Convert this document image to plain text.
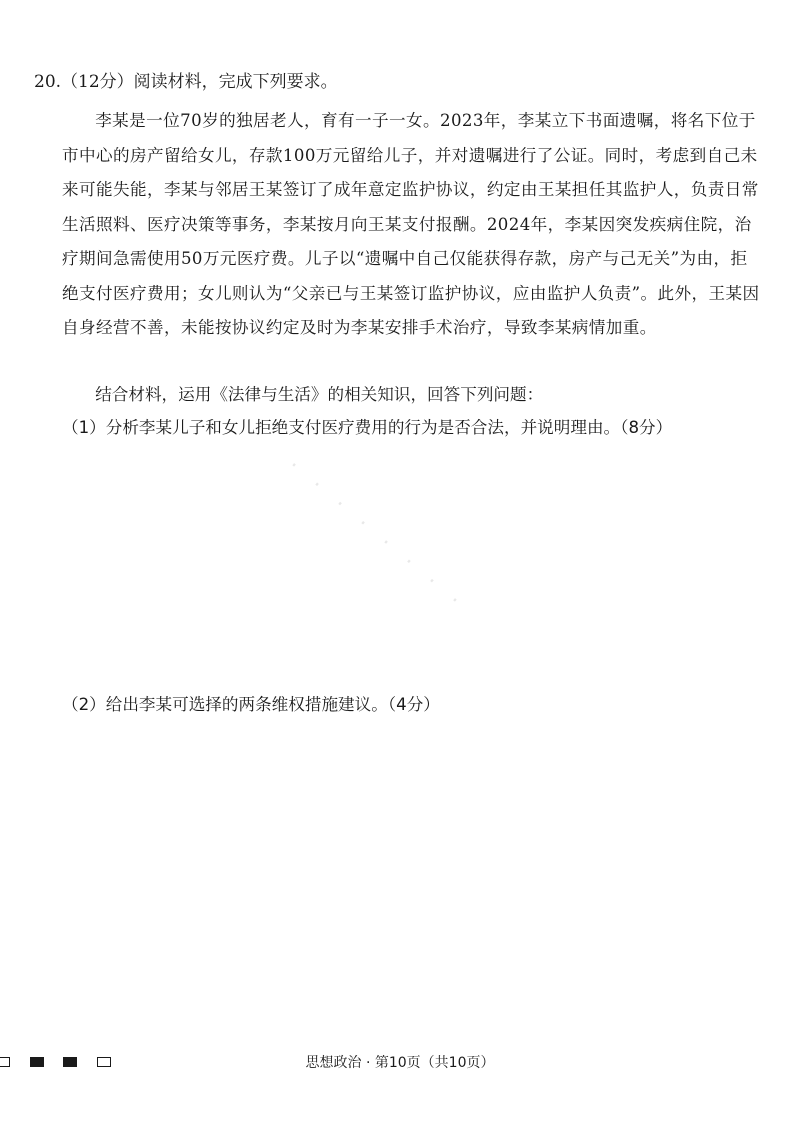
20.（12分）阅读材料，完成下列要求。

李某是一位70岁的独居老人，育有一子一女。2023年，李某立下书面遗嘱，将名下位于市中心的房产留给女儿，存款100万元留给儿子，并对遗嘱进行了公证。同时，考虑到自己未来可能失能，李某与邻居王某签订了成年意定监护协议，约定由王某担任其监护人，负责日常生活照料、医疗决策等事务，李某按月向王某支付报酬。2024年，李某因突发疾病住院，治疗期间急需使用50万元医疗费。儿子以“遗嘱中自己仅能获得存款，房产与己无关”为由，拒绝支付医疗费用；女儿则认为“父亲已与王某签订监护协议，应由监护人负责”。此外，王某因自身经营不善，未能按协议约定及时为李某安排手术治疗，导致李某病情加重。

结合材料，运用《法律与生活》的相关知识，回答下列问题：
（1）分析李某儿子和女儿拒绝支付医疗费用的行为是否合法，并说明理由。（8分）
（2）给出李某可选择的两条维权措施建议。（4分）
· · · · · · · ·
思想政治 · 第10页（共10页）
